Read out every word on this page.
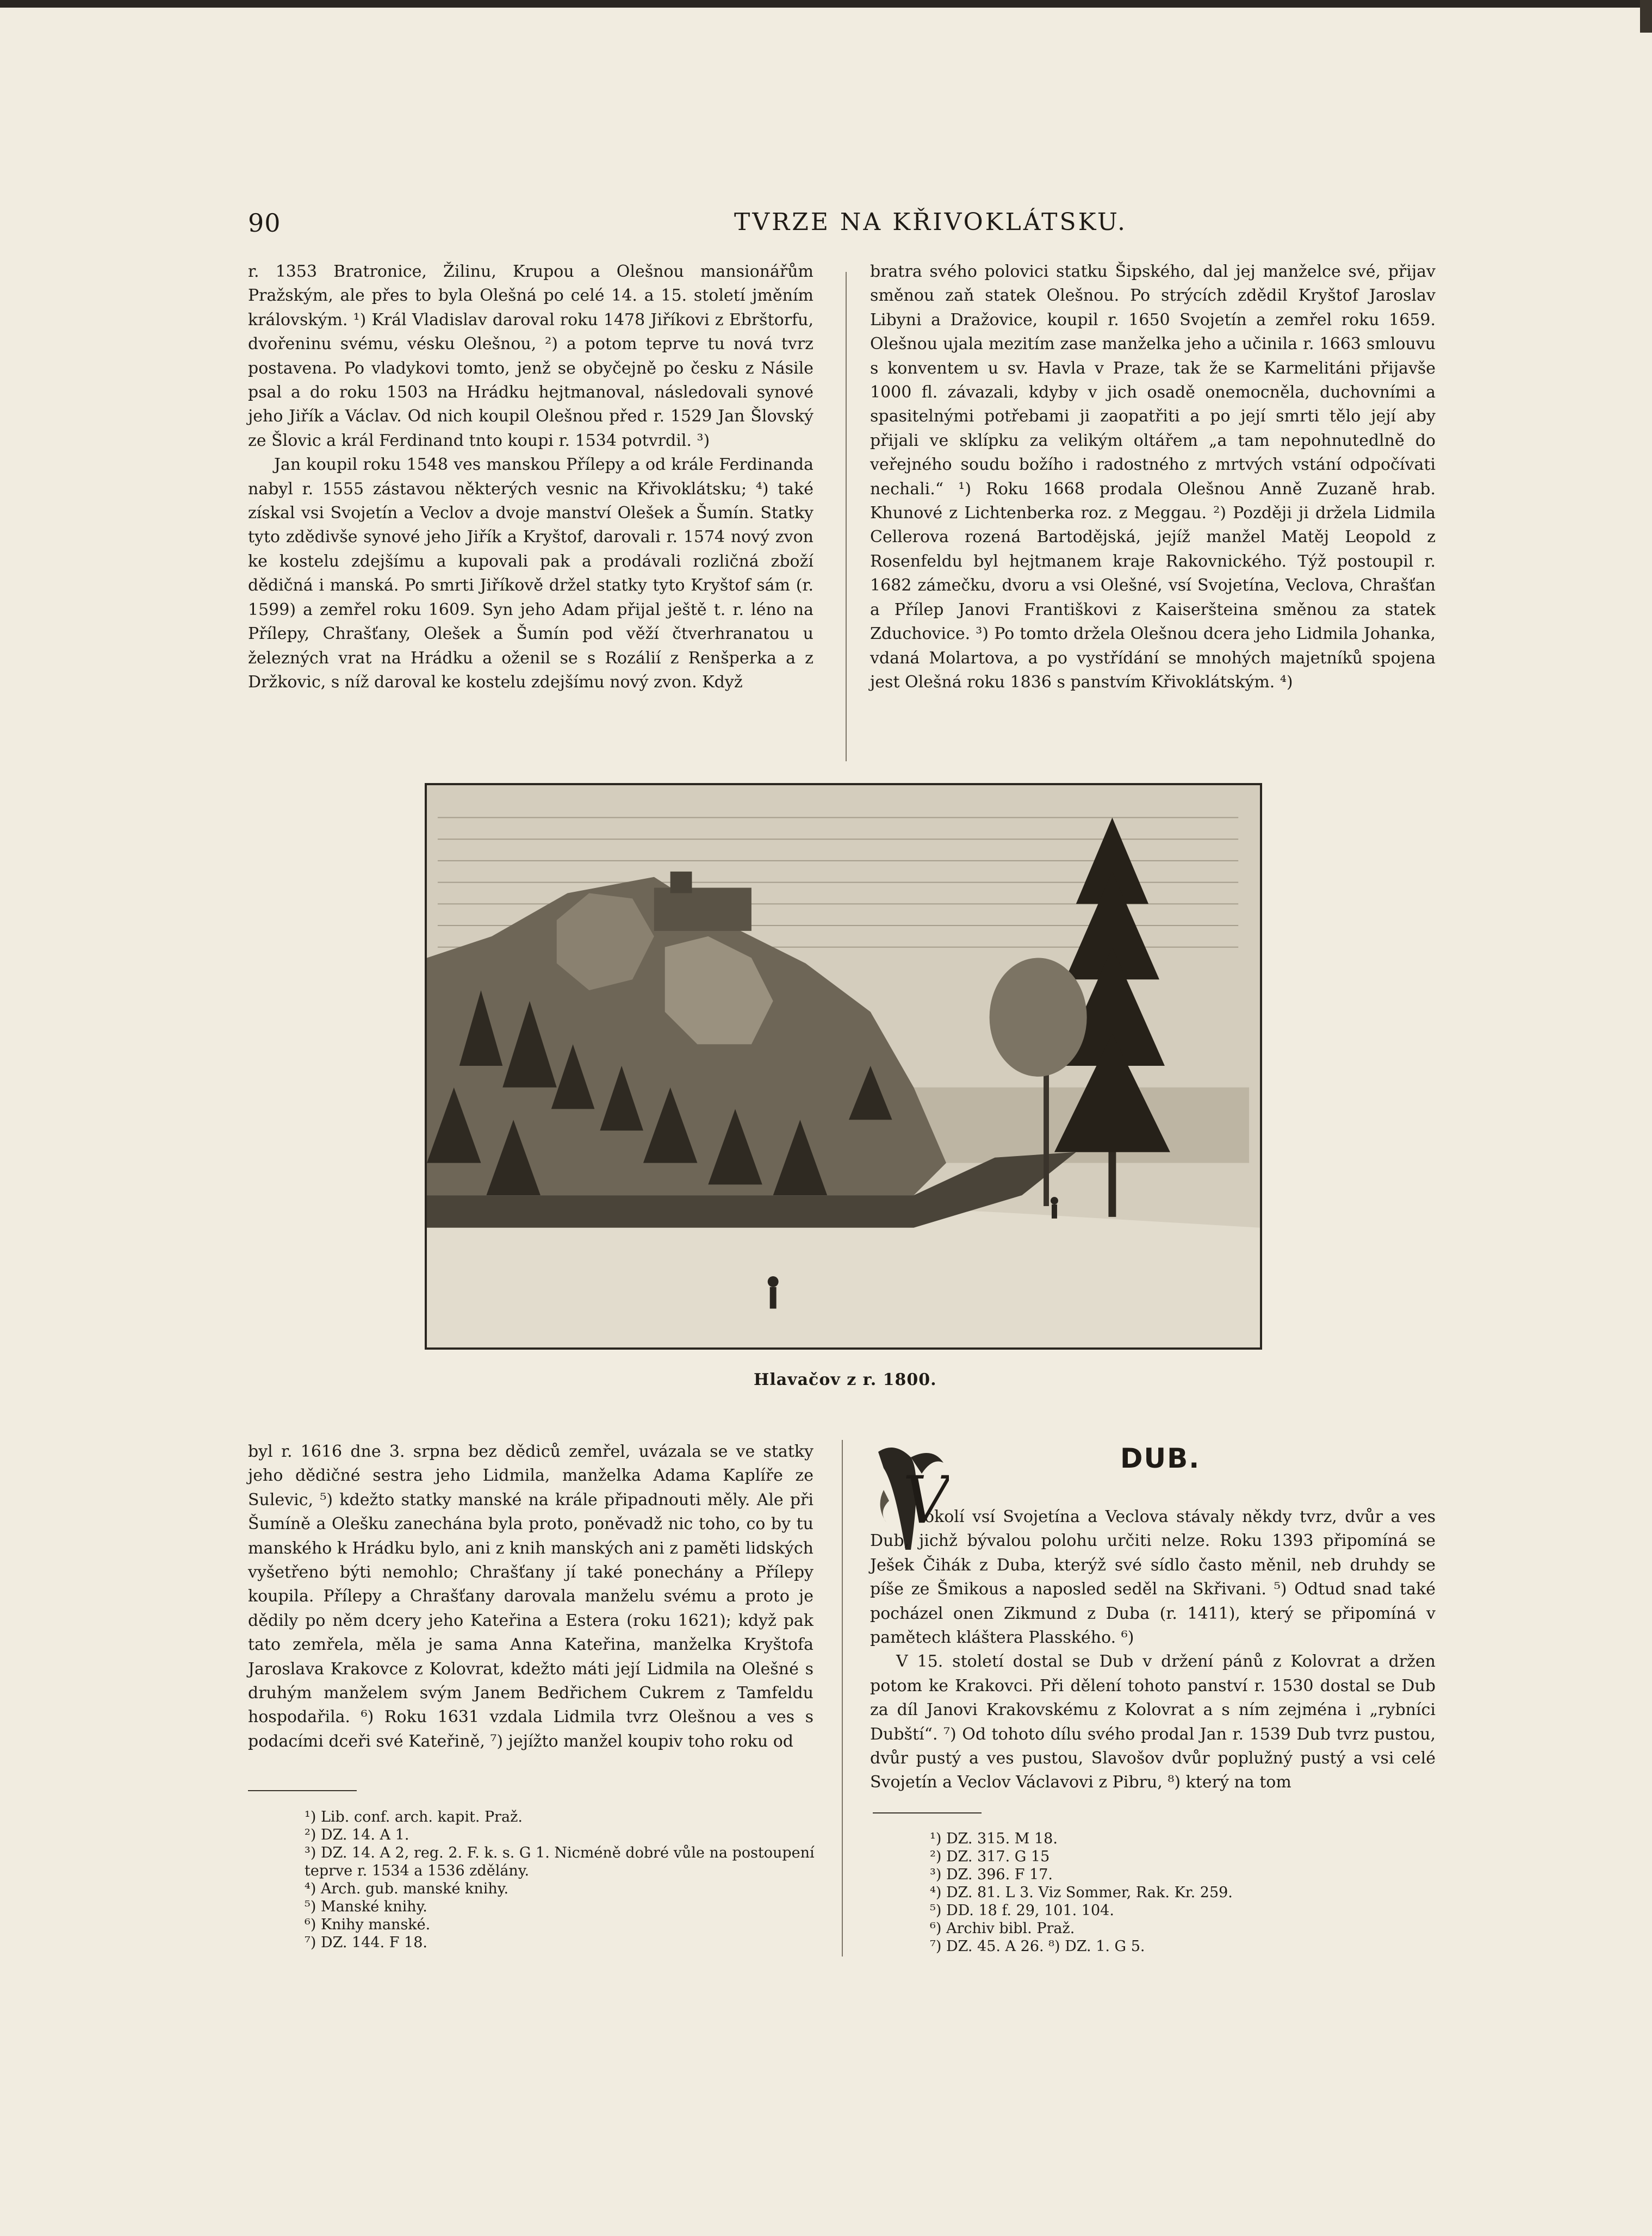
90	TVRZE NA KŘIVOKLÁTSKU.

r. 1353 Bratronice, Žilinu, Krupou a Olešnou mansionářům Pražským, ale přes to byla Olešná po celé 14. a 15. století jměním královským. ¹) Král Vladislav daroval roku 1478 Jiříkovi z Ebrštorfu, dvořeninu svému, vésku Olešnou, ²) a potom teprve tu nová tvrz postavena. Po vladykovi tomto, jenž se obyčejně po česku z Násile psal a do roku 1503 na Hrádku hejtmanoval, následovali synové jeho Jiřík a Václav. Od nich koupil Olešnou před r. 1529 Jan Šlovský ze Šlovic a král Ferdinand tnto koupi r. 1534 potvrdil. ³)

Jan koupil roku 1548 ves manskou Přílepy a od krále Ferdinanda nabyl r. 1555 zástavou některých vesnic na Křivoklátsku; ⁴) také získal vsi Svojetín a Veclov a dvoje manství Olešek a Šumín. Statky tyto zdědivše synové jeho Jiřík a Kryštof, darovali r. 1574 nový zvon ke kostelu zdejšímu a kupovali pak a prodávali rozličná zboží dědičná i manská. Po smrti Jiříkově držel statky tyto Kryštof sám (r. 1599) a zemřel roku 1609. Syn jeho Adam přijal ještě t. r. léno na Přílepy, Chrašťany, Olešek a Šumín pod věží čtverhranatou u železných vrat na Hrádku a oženil se s Rozálií z Renšperka a z Držkovic, s níž daroval ke kostelu zdejšímu nový zvon. Když

bratra svého polovici statku Šipského, dal jej manželce své, přijav směnou zaň statek Olešnou. Po strýcích zdědil Kryštof Jaroslav Libyni a Dražovice, koupil r. 1650 Svojetín a zemřel roku 1659. Olešnou ujala mezitím zase manželka jeho a učinila r. 1663 smlouvu s konventem u sv. Havla v Praze, tak že se Karmelitáni přijavše 1000 fl. závazali, kdyby v jich osadě onemocněla, duchovními a spasitelnými potřebami ji zaopatřiti a po její smrti tělo její aby přijali ve sklípku za velikým oltářem „a tam nepohnutedlně do veřejného soudu božího i radostného z mrtvých vstání odpočívati nechali.“ ¹) Roku 1668 prodala Olešnou Anně Zuzaně hrab. Khunové z Lichtenberka roz. z Meggau. ²) Později ji držela Lidmila Cellerova rozená Bartodějská, jejíž manžel Matěj Leopold z Rosenfeldu byl hejtmanem kraje Rakovnického. Týž postoupil r. 1682 zámečku, dvoru a vsi Olešné, vsí Svojetína, Veclova, Chrašťan a Přílep Janovi Františkovi z Kaiseršteina směnou za statek Zduchovice. ³) Po tomto držela Olešnou dcera jeho Lidmila Johanka, vdaná Molartova, a po vystřídání se mnohých majetníků spojena jest Olešná roku 1836 s panstvím Křivoklátským. ⁴)

Hlavačov z r. 1800.

byl r. 1616 dne 3. srpna bez dědiců zemřel, uvázala se ve statky jeho dědičné sestra jeho Lidmila, manželka Adama Kaplíře ze Sulevic, ⁵) kdežto statky manské na krále připadnouti měly. Ale při Šumíně a Olešku zanechána byla proto, poněvadž nic toho, co by tu manského k Hrádku bylo, ani z knih manských ani z paměti lidských vyšetřeno býti nemohlo; Chrašťany jí také ponechány a Přílepy koupila. Přílepy a Chrašťany darovala manželu svému a proto je dědily po něm dcery jeho Kateřina a Estera (roku 1621); když pak tato zemřela, měla je sama Anna Kateřina, manželka Kryštofa Jaroslava Krakovce z Kolovrat, kdežto máti její Lidmila na Olešné s druhým manželem svým Janem Bedřichem Cukrem z Tamfeldu hospodařila. ⁶) Roku 1631 vzdala Lidmila tvrz Olešnou a ves s podacími dceři své Kateřině, ⁷) jejížto manžel koupiv toho roku od

V
DUB.

okolí vsí Svojetína a Veclova stávaly někdy tvrz, dvůr a ves Dub, jichž bývalou polohu určiti nelze. Roku 1393 připomíná se Ješek Čihák z Duba, kterýž své sídlo často měnil, neb druhdy se píše ze Šmikous a naposled seděl na Skřivani. ⁵) Odtud snad také pocházel onen Zikmund z Duba (r. 1411), který se připomíná v pamětech kláštera Plasského. ⁶)

V 15. století dostal se Dub v držení pánů z Kolovrat a držen potom ke Krakovci. Při dělení tohoto panství r. 1530 dostal se Dub za díl Janovi Krakovskému z Kolovrat a s ním zejména i „rybníci Dubští“. ⁷) Od tohoto dílu svého prodal Jan r. 1539 Dub tvrz pustou, dvůr pustý a ves pustou, Slavošov dvůr poplužný pustý a vsi celé Svojetín a Veclov Václavovi z Pibru, ⁸) který na tom

¹) Lib. conf. arch. kapit. Praž.
²) DZ. 14. A 1.
³) DZ. 14. A 2, reg. 2. F. k. s. G 1. Nicméně dobré vůle na postoupení teprve r. 1534 a 1536 zdělány.
⁴) Arch. gub. manské knihy.
⁵) Manské knihy.
⁶) Knihy manské.
⁷) DZ. 144. F 18.
¹) DZ. 315. M 18.
²) DZ. 317. G 15
³) DZ. 396. F 17.
⁴) DZ. 81. L 3. Viz Sommer, Rak. Kr. 259.
⁵) DD. 18 f. 29, 101. 104.
⁶) Archiv bibl. Praž.
⁷) DZ. 45. A 26. ⁸) DZ. 1. G 5.
